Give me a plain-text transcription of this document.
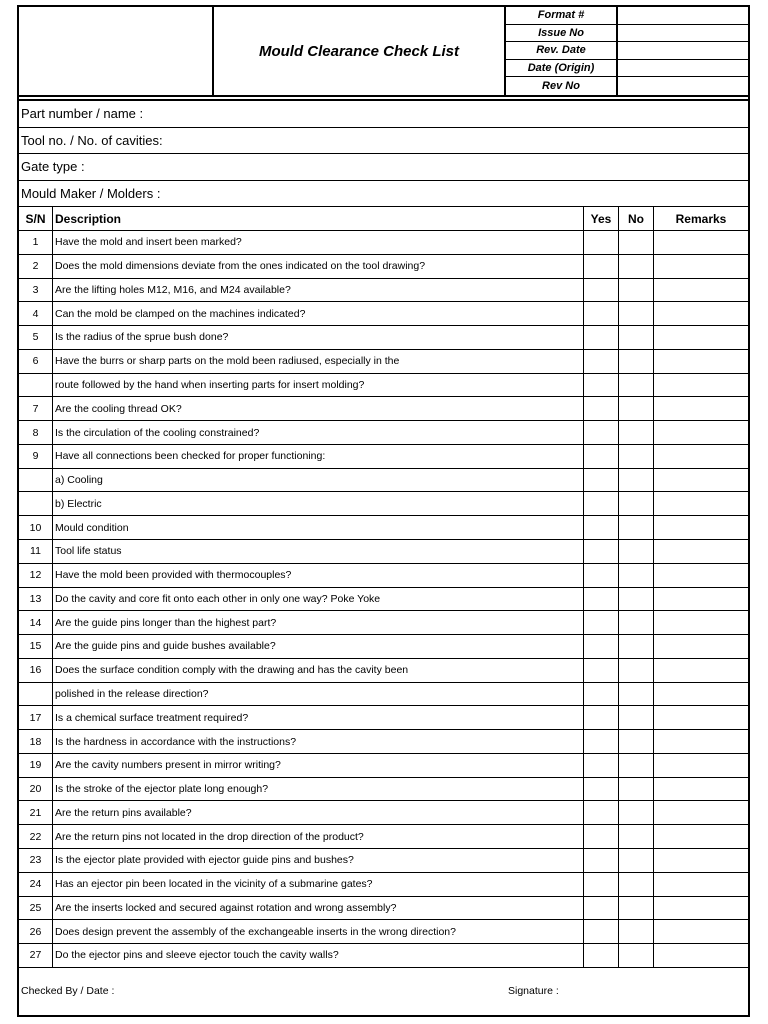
Mould Clearance Check List
Format #
Issue No
Rev. Date
Date (Origin)
Rev No
Part number / name :
Tool no. / No. of cavities:
Gate type :
Mould Maker / Molders :
S/N Description	Yes	No	Remarks
1	Have the mold and insert been marked?
2	Does the mold dimensions deviate from the ones indicated on the tool drawing?
3	Are the lifting holes M12, M16, and M24 available?
4	Can the mold be clamped on the machines indicated?
5	Is the radius of the sprue bush done?
6	Have the burrs or sharp parts on the mold been radiused, especially in the
route followed by the hand when inserting parts for insert molding?
7	Are the cooling thread OK?
8	Is the circulation of the cooling constrained?
9	Have all connections been checked for proper functioning:
a) Cooling
b) Electric
10	Mould condition
11	Tool life status
12	Have the mold been provided with thermocouples?
13	Do the cavity and core fit onto each other in only one way? Poke Yoke
14	Are the guide pins longer than the highest part?
15	Are the guide pins and guide bushes available?
16	Does the surface condition comply with the drawing and has the cavity been
polished in the release direction?
17	Is a chemical surface treatment required?
18	Is the hardness in accordance with the instructions?
19	Are the cavity numbers present in mirror writing?
20	Is the stroke of the ejector plate long enough?
21	Are the return pins available?
22	Are the return pins not located in the drop direction of the product?
23	Is the ejector plate provided with ejector guide pins and bushes?
24	Has an ejector pin been located in the vicinity of a submarine gates?
25	Are the inserts locked and secured against rotation and wrong assembly?
26	Does design prevent the assembly of the exchangeable inserts in the wrong direction?
27	Do the ejector pins and sleeve ejector touch the cavity walls?
Checked By / Date :	Signature :
